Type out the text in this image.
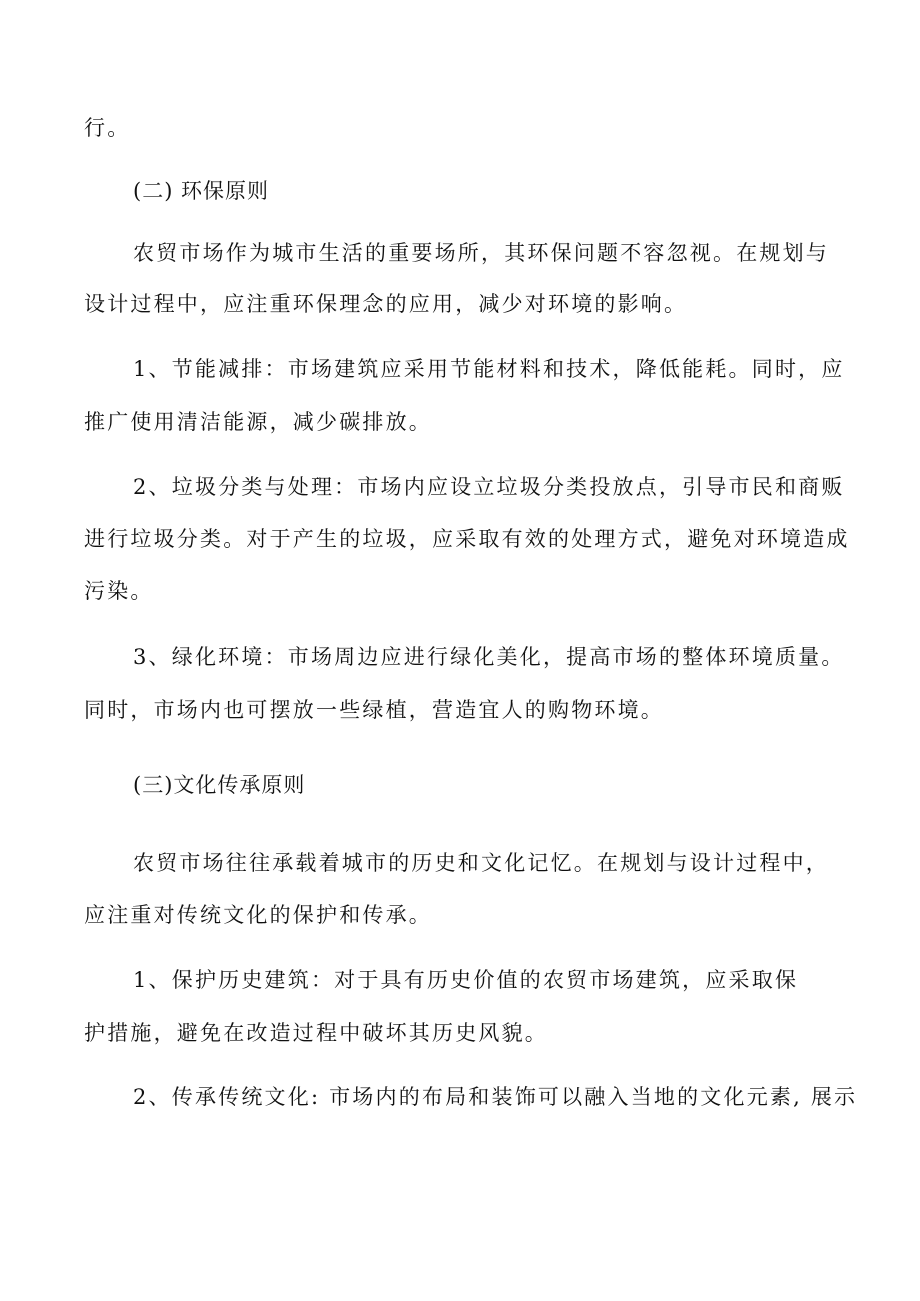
行。
(二) 环保原则
农贸市场作为城市生活的重要场所，其环保问题不容忽视。在规划与
设计过程中，应注重环保理念的应用，减少对环境的影响。
1、节能减排：市场建筑应采用节能材料和技术，降低能耗。同时，应
推广使用清洁能源，减少碳排放。
2、垃圾分类与处理：市场内应设立垃圾分类投放点，引导市民和商贩
进行垃圾分类。对于产生的垃圾，应采取有效的处理方式，避免对环境造成
污染。
3、绿化环境：市场周边应进行绿化美化，提高市场的整体环境质量。
同时，市场内也可摆放一些绿植，营造宜人的购物环境。
(三)文化传承原则
农贸市场往往承载着城市的历史和文化记忆。在规划与设计过程中，
应注重对传统文化的保护和传承。
1、保护历史建筑：对于具有历史价值的农贸市场建筑，应采取保
护措施，避免在改造过程中破坏其历史风貌。
2、传承传统文化: 市场内的布局和装饰可以融入当地的文化元素, 展示
